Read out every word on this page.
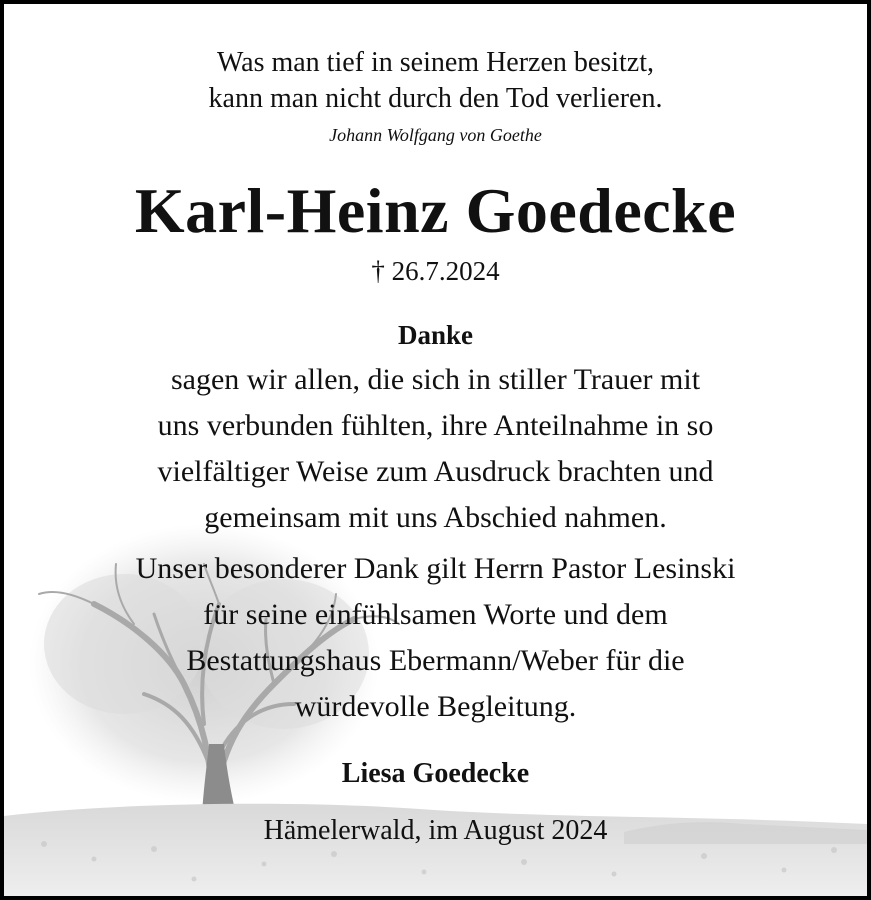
Was man tief in seinem Herzen besitzt,
kann man nicht durch den Tod verlieren.
Johann Wolfgang von Goethe
Karl-Heinz Goedecke
† 26.7.2024
Danke
sagen wir allen, die sich in stiller Trauer mit
uns verbunden fühlten, ihre Anteilnahme in so
vielfältiger Weise zum Ausdruck brachten und
gemeinsam mit uns Abschied nahmen.
Unser besonderer Dank gilt Herrn Pastor Lesinski
für seine einfühlsamen Worte und dem
Bestattungshaus Ebermann/Weber für die
würdevolle Begleitung.
Liesa Goedecke
Hämelerwald, im August 2024
